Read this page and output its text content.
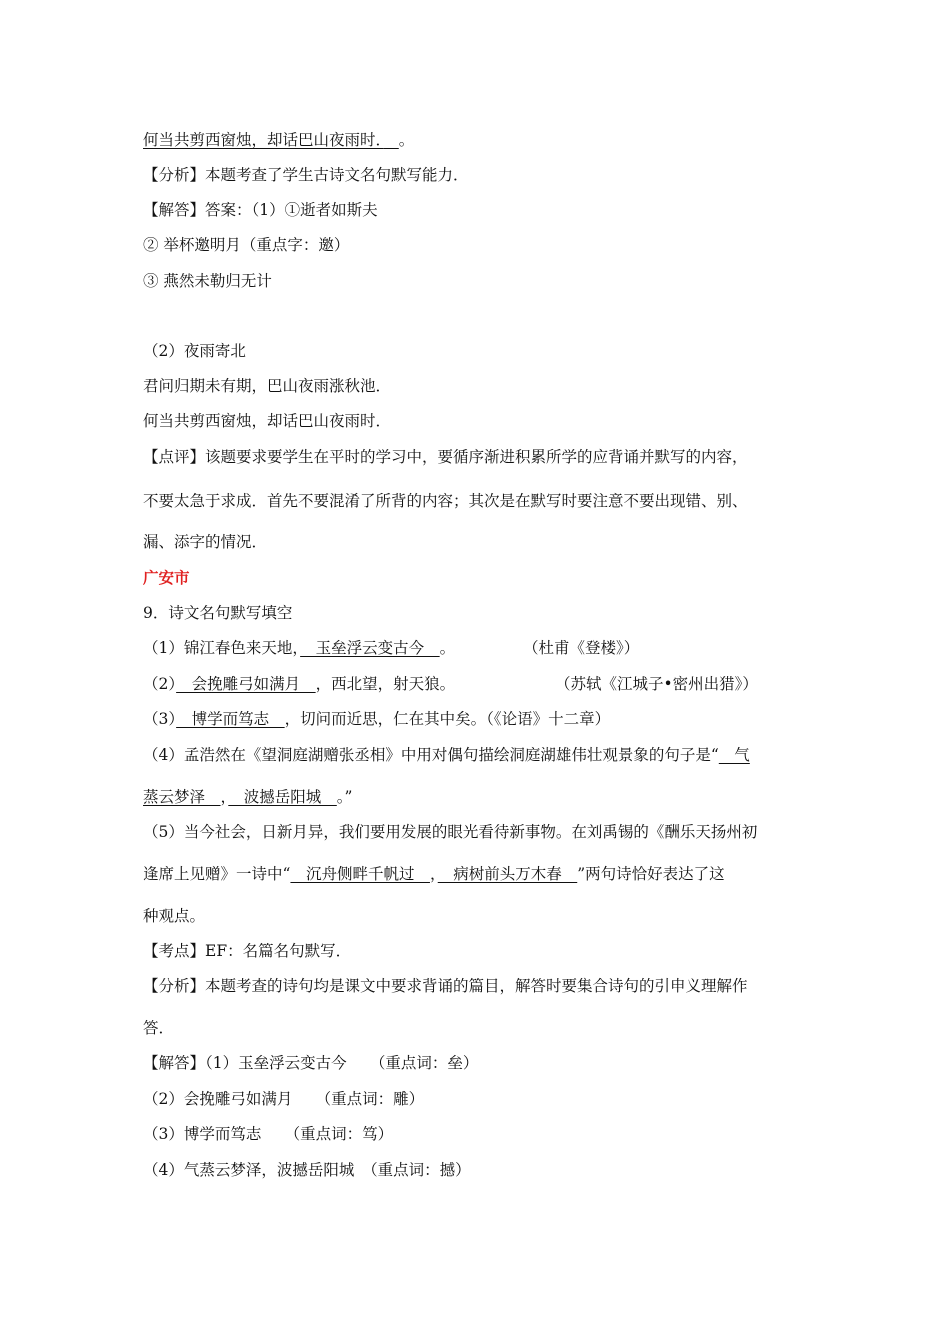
何当共剪西窗烛，却话巴山夜雨时．　 。
【分析】本题考查了学生古诗文名句默写能力．
【解答】答案：（1）①逝者如斯夫
② 举杯邀明月（重点字：邀）
③ 燕然未勒归无计
（2）夜雨寄北
君问归期未有期，巴山夜雨涨秋池．
何当共剪西窗烛，却话巴山夜雨时．
【点评】该题要求要学生在平时的学习中，要循序渐进积累所学的应背诵并默写的内容，
不要太急于求成．首先不要混淆了所背的内容；其次是在默写时要注意不要出现错、别、
漏、添字的情况．
广安市
9．诗文名句默写填空
（1）锦江春色来天地，　玉垒浮云变古今　。	（杜甫《登楼》）
（2）　会挽雕弓如满月　，西北望，射天狼。	（苏轼《江城子•密州出猎》）
（3）　博学而笃志　，切问而近思，仁在其中矣。（《论语》十二章）
（4）孟浩然在《望洞庭湖赠张丞相》中用对偶句描绘洞庭湖雄伟壮观景象的句子是“　气
蒸云梦泽　，　波撼岳阳城　。”
（5）当今社会，日新月异，我们要用发展的眼光看待新事物。在刘禹锡的《酬乐天扬州初
逢席上见赠》一诗中“　沉舟侧畔千帆过　，　病树前头万木春　”两句诗恰好表达了这
种观点。
【考点】EF：名篇名句默写．
【分析】本题考查的诗句均是课文中要求背诵的篇目，解答时要集合诗句的引申义理解作
答．
【解答】（1）玉垒浮云变古今　　（重点词：垒）
（2）会挽雕弓如满月　　（重点词：雕）
（3）博学而笃志　　（重点词：笃）
（4）气蒸云梦泽，波撼岳阳城　（重点词：撼）
